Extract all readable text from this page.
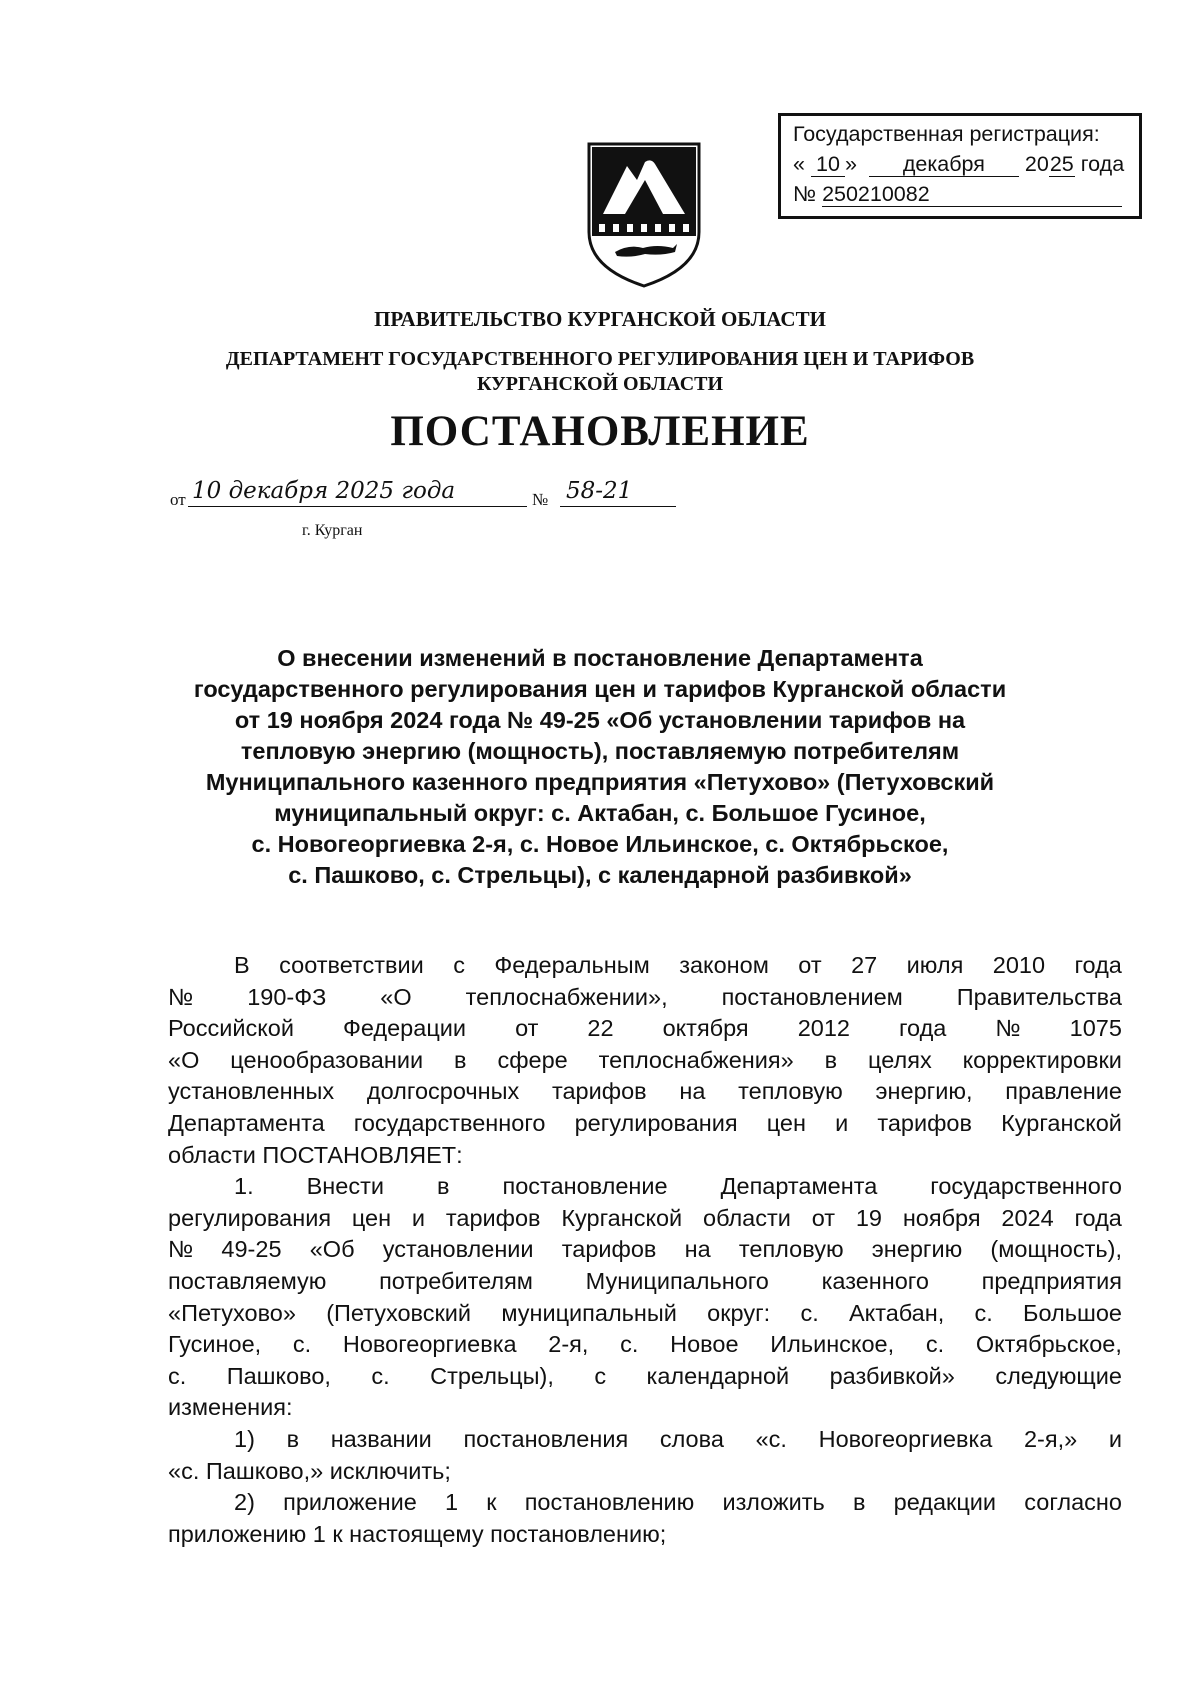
Государственная регистрация:
« 10 » декабря 2025 года
№ 250210082
ПРАВИТЕЛЬСТВО КУРГАНСКОЙ ОБЛАСТИ
ДЕПАРТАМЕНТ ГОСУДАРСТВЕННОГО РЕГУЛИРОВАНИЯ ЦЕН И ТАРИФОВ
КУРГАНСКОЙ ОБЛАСТИ
ПОСТАНОВЛЕНИЕ
от 10 декабря 2025 года	№ 58-21
г. Курган
О внесении изменений в постановление Департамента
государственного регулирования цен и тарифов Курганской области
от 19 ноября 2024 года № 49-25 «Об установлении тарифов на
тепловую энергию (мощность), поставляемую потребителям
Муниципального казенного предприятия «Петухово» (Петуховский
муниципальный округ: с. Актабан, с. Большое Гусиное,
с. Новогеоргиевка 2-я, с. Новое Ильинское, с. Октябрьское,
с. Пашково, с. Стрельцы), с календарной разбивкой»
В соответствии с Федеральным законом от 27 июля 2010 года
№ 190-ФЗ «О теплоснабжении», постановлением Правительства
Российской Федерации от 22 октября 2012 года № 1075
«О ценообразовании в сфере теплоснабжения» в целях корректировки
установленных долгосрочных тарифов на тепловую энергию, правление
Департамента государственного регулирования цен и тарифов Курганской
области ПОСТАНОВЛЯЕТ:
1. Внести в постановление Департамента государственного
регулирования цен и тарифов Курганской области от 19 ноября 2024 года
№ 49-25 «Об установлении тарифов на тепловую энергию (мощность),
поставляемую потребителям Муниципального казенного предприятия
«Петухово» (Петуховский муниципальный округ: с. Актабан, с. Большое
Гусиное, с. Новогеоргиевка 2-я, с. Новое Ильинское, с. Октябрьское,
с. Пашково, с. Стрельцы), с календарной разбивкой» следующие
изменения:
1) в названии постановления слова «с. Новогеоргиевка 2-я,» и
«с. Пашково,» исключить;
2) приложение 1 к постановлению изложить в редакции согласно
приложению 1 к настоящему постановлению;
